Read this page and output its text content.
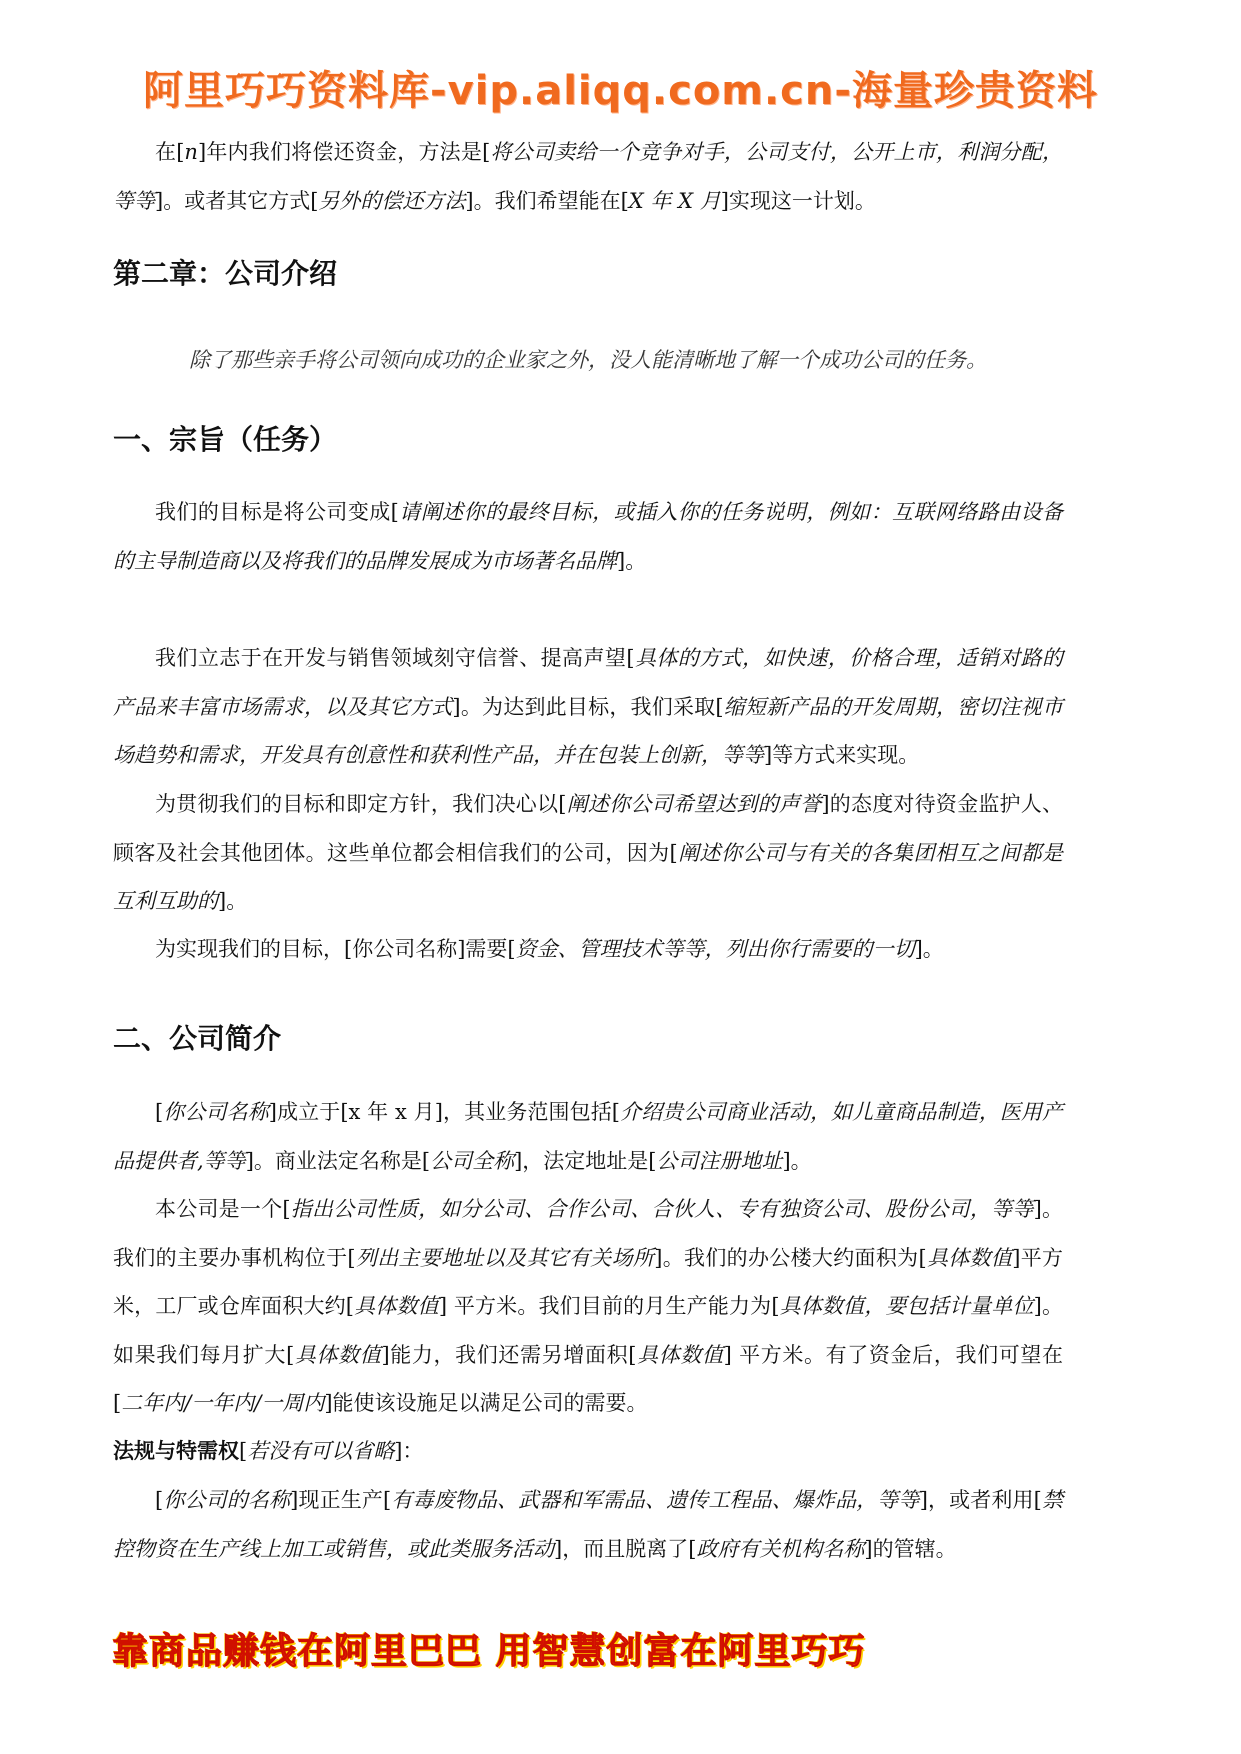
阿里巧巧资料库-vip.aliqq.com.cn-海量珍贵资料

在[n]年内我们将偿还资金，方法是[将公司卖给一个竞争对手，公司支付，公开上市，利润分配，等等]。或者其它方式[另外的偿还方法]。我们希望能在[X 年 X 月]实现这一计划。

第二章：公司介绍

除了那些亲手将公司领向成功的企业家之外，没人能清晰地了解一个成功公司的任务。

一、宗旨（任务）

我们的目标是将公司变成[请阐述你的最终目标，或插入你的任务说明，例如：互联网络路由设备的主导制造商以及将我们的品牌发展成为市场著名品牌]。

我们立志于在开发与销售领域刻守信誉、提高声望[具体的方式，如快速，价格合理，适销对路的产品来丰富市场需求，以及其它方式]。为达到此目标，我们采取[缩短新产品的开发周期，密切注视市场趋势和需求，开发具有创意性和获利性产品，并在包装上创新，等等]等方式来实现。

为贯彻我们的目标和即定方针，我们决心以[阐述你公司希望达到的声誉]的态度对待资金监护人、顾客及社会其他团体。这些单位都会相信我们的公司，因为[阐述你公司与有关的各集团相互之间都是互利互助的]。

为实现我们的目标，[你公司名称]需要[资金、管理技术等等，列出你行需要的一切]。

二、公司简介

[你公司名称]成立于[x 年 x 月]，其业务范围包括[介绍贵公司商业活动，如儿童商品制造，医用产品提供者,等等]。商业法定名称是[公司全称]，法定地址是[公司注册地址]。

本公司是一个[指出公司性质，如分公司、合作公司、合伙人、专有独资公司、股份公司，等等]。我们的主要办事机构位于[列出主要地址以及其它有关场所]。我们的办公楼大约面积为[具体数值]平方米，工厂或仓库面积大约[具体数值] 平方米。我们目前的月生产能力为[具体数值，要包括计量单位]。如果我们每月扩大[具体数值]能力，我们还需另增面积[具体数值] 平方米。有了资金后，我们可望在[二年内/一年内/一周内]能使该设施足以满足公司的需要。

法规与特需权[若没有可以省略]：

[你公司的名称]现正生产[有毒废物品、武器和军需品、遗传工程品、爆炸品，等等]，或者利用[禁控物资在生产线上加工或销售，或此类服务活动]，而且脱离了[政府有关机构名称]的管辖。

靠商品赚钱在阿里巴巴 用智慧创富在阿里巧巧
